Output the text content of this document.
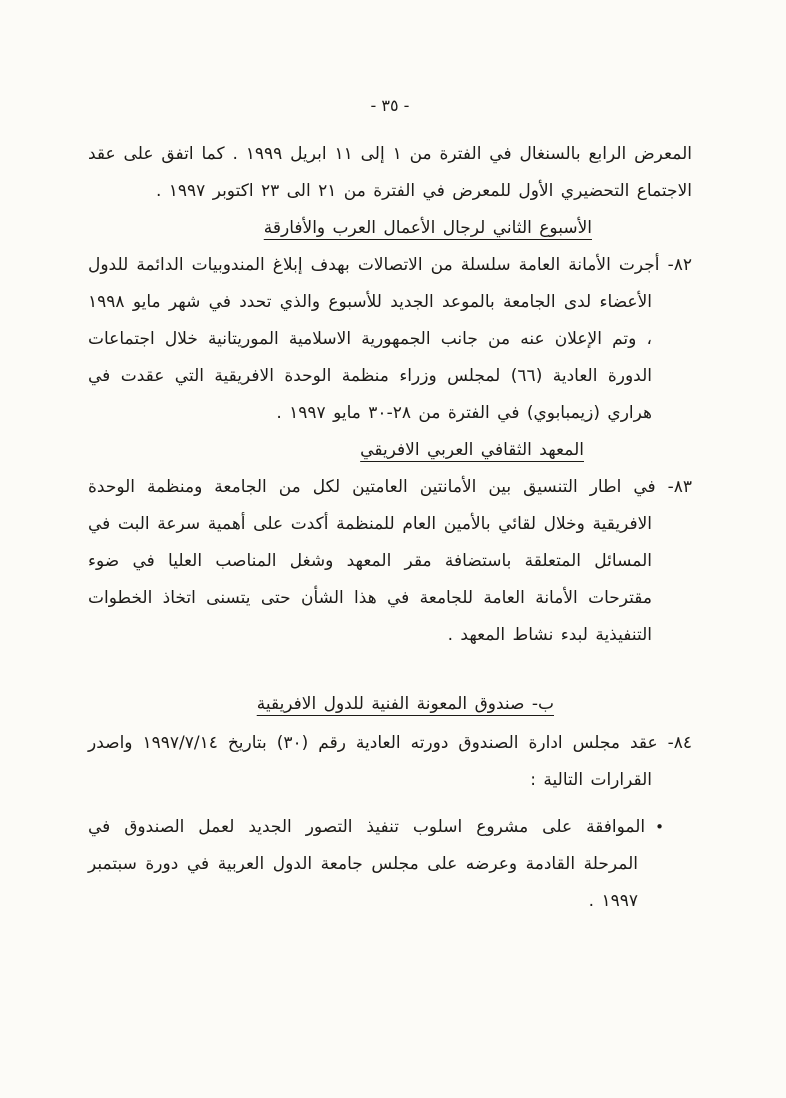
- ٣٥ -

المعرض الرابع بالسنغال في الفترة من ١ إلى ١١ ابريل ١٩٩٩ . كما اتفق على عقد الاجتماع التحضيري الأول للمعرض في الفترة من ٢١ الى ٢٣ اكتوبر ١٩٩٧ .

الأسبوع الثاني لرجال الأعمال العرب والأفارقة

٨٢- أجرت الأمانة العامة سلسلة من الاتصالات بهدف إبلاغ المندوبيات الدائمة للدول الأعضاء لدى الجامعة بالموعد الجديد للأسبوع والذي تحدد في شهر مايو ١٩٩٨ ، وتم الإعلان عنه من جانب الجمهورية الاسلامية الموريتانية خلال اجتماعات الدورة العادية (٦٦) لمجلس وزراء منظمة الوحدة الافريقية التي عقدت في هراري (زيمبابوي) في الفترة من ٢٨-٣٠ مايو ١٩٩٧ .

المعهد الثقافي العربي الافريقي

٨٣- في اطار التنسيق بين الأمانتين العامتين لكل من الجامعة ومنظمة الوحدة الافريقية وخلال لقائي بالأمين العام للمنظمة أكدت على أهمية سرعة البت في المسائل المتعلقة باستضافة مقر المعهد وشغل المناصب العليا في ضوء مقترحات الأمانة العامة للجامعة في هذا الشأن حتى يتسنى اتخاذ الخطوات التنفيذية لبدء نشاط المعهد .

ب- صندوق المعونة الفنية للدول الافريقية

٨٤- عقد مجلس ادارة الصندوق دورته العادية رقم (٣٠) بتاريخ ١٩٩٧/٧/١٤ واصدر القرارات التالية :

•الموافقة على مشروع اسلوب تنفيذ التصور الجديد لعمل الصندوق في المرحلة القادمة وعرضه على مجلس جامعة الدول العربية في دورة سبتمبر ١٩٩٧ .
